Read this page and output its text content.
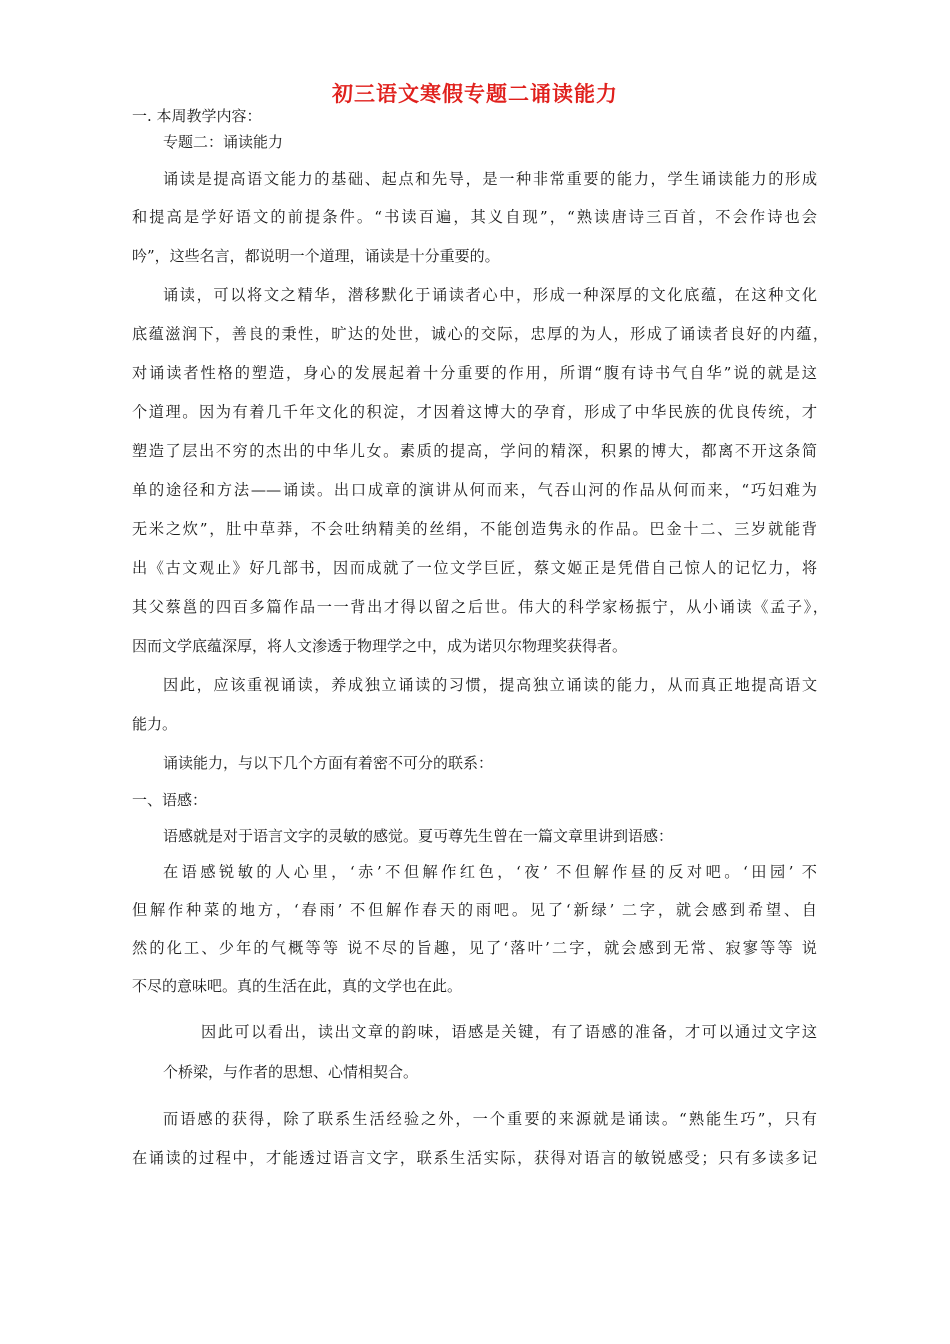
初三语文寒假专题二诵读能力
一. 本周教学内容：
专题二：诵读能力
诵读是提高语文能力的基础、起点和先导，是一种非常重要的能力，学生诵读能力的形成
和提高是学好语文的前提条件。“书读百遍，其义自现”，“熟读唐诗三百首，不会作诗也会
吟”，这些名言，都说明一个道理，诵读是十分重要的。
诵读，可以将文之精华，潜移默化于诵读者心中，形成一种深厚的文化底蕴，在这种文化
底蕴滋润下，善良的秉性，旷达的处世，诚心的交际，忠厚的为人，形成了诵读者良好的内蕴，
对诵读者性格的塑造，身心的发展起着十分重要的作用，所谓“腹有诗书气自华”说的就是这
个道理。因为有着几千年文化的积淀，才因着这博大的孕育，形成了中华民族的优良传统，才
塑造了层出不穷的杰出的中华儿女。素质的提高，学问的精深，积累的博大，都离不开这条简
单的途径和方法——诵读。出口成章的演讲从何而来，气吞山河的作品从何而来，“巧妇难为
无米之炊”，肚中草莽，不会吐纳精美的丝绢，不能创造隽永的作品。巴金十二、三岁就能背
出《古文观止》好几部书，因而成就了一位文学巨匠，蔡文姬正是凭借自己惊人的记忆力，将
其父蔡邕的四百多篇作品一一背出才得以留之后世。伟大的科学家杨振宁，从小诵读《孟子》，
因而文学底蕴深厚，将人文渗透于物理学之中，成为诺贝尔物理奖获得者。
因此，应该重视诵读，养成独立诵读的习惯，提高独立诵读的能力，从而真正地提高语文
能力。
诵读能力，与以下几个方面有着密不可分的联系：
一、语感：
语感就是对于语言文字的灵敏的感觉。夏丏尊先生曾在一篇文章里讲到语感：
在语感锐敏的人心里，‘赤’不但解作红色，‘夜’ 不但解作昼的反对吧。‘田园’ 不
但解作种菜的地方，‘春雨’ 不但解作春天的雨吧。见了‘新绿’ 二字，就会感到希望、自
然的化工、少年的气概等等 说不尽的旨趣，见了‘落叶’二字，就会感到无常、寂寥等等 说
不尽的意味吧。真的生活在此，真的文学也在此。
因此可以看出，读出文章的韵味，语感是关键，有了语感的准备，才可以通过文字这
个桥梁，与作者的思想、心情相契合。
而语感的获得，除了联系生活经验之外，一个重要的来源就是诵读。“熟能生巧”，只有
在诵读的过程中，才能透过语言文字，联系生活实际，获得对语言的敏锐感受；只有多读多记
